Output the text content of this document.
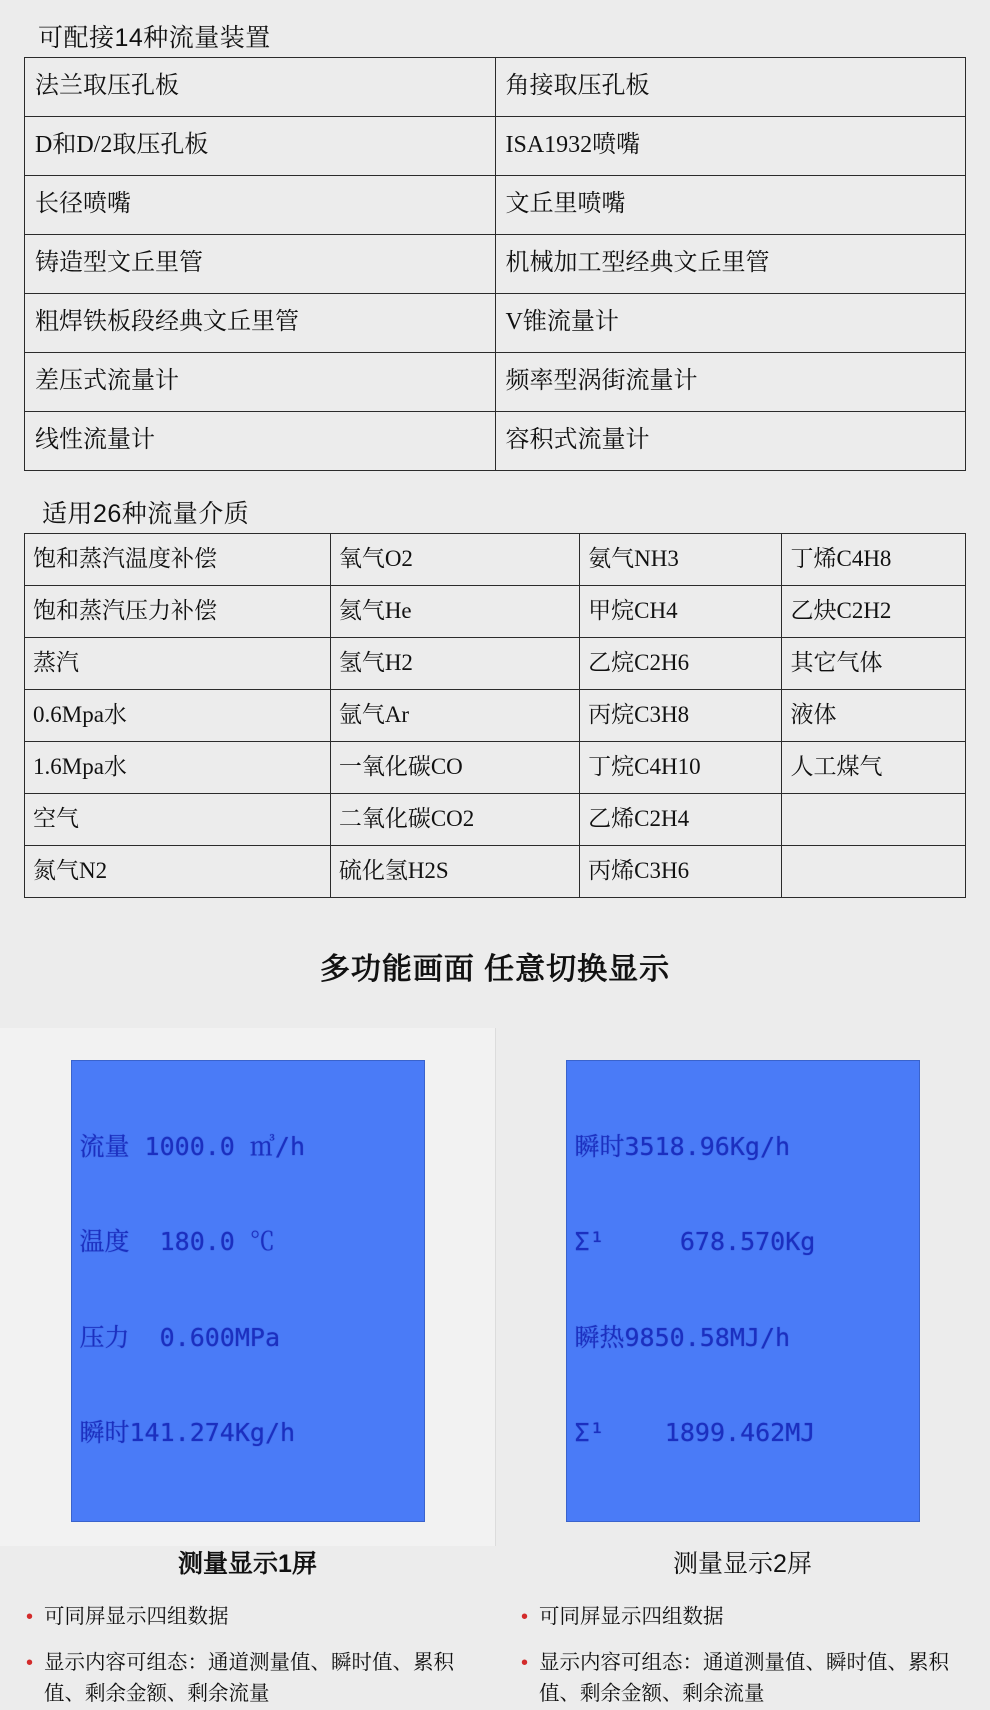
可配接14种流量装置
法兰取压孔板	角接取压孔板
D和D/2取压孔板	ISA1932喷嘴
长径喷嘴	文丘里喷嘴
铸造型文丘里管	机械加工型经典文丘里管
粗焊铁板段经典文丘里管	V锥流量计
差压式流量计	频率型涡街流量计
线性流量计	容积式流量计
适用26种流量介质
饱和蒸汽温度补偿	氧气O2	氨气NH3	丁烯C4H8
饱和蒸汽压力补偿	氦气He	甲烷CH4	乙炔C2H2
蒸汽	氢气H2	乙烷C2H6	其它气体
0.6Mpa水	氩气Ar	丙烷C3H8	液体
1.6Mpa水	一氧化碳CO	丁烷C4H10	人工煤气
空气	二氧化碳CO2	乙烯C2H4	
氮气N2	硫化氢H2S	丙烯C3H6	
多功能画面 任意切换显示

流量 1000.0 ㎥/h

温度  180.0 ℃

压力  0.600MPa

瞬时141.274Kg/h

测量显示1屏
• 可同屏显示四组数据
• 显示内容可组态：通道测量值、瞬时值、累积值、剩余金额、剩余流量

瞬时3518.96Kg/h

Σ¹     678.570Kg

瞬热9850.58MJ/h

Σ¹    1899.462MJ

测量显示2屏
• 可同屏显示四组数据
• 显示内容可组态：通道测量值、瞬时值、累积值、剩余金额、剩余流量
